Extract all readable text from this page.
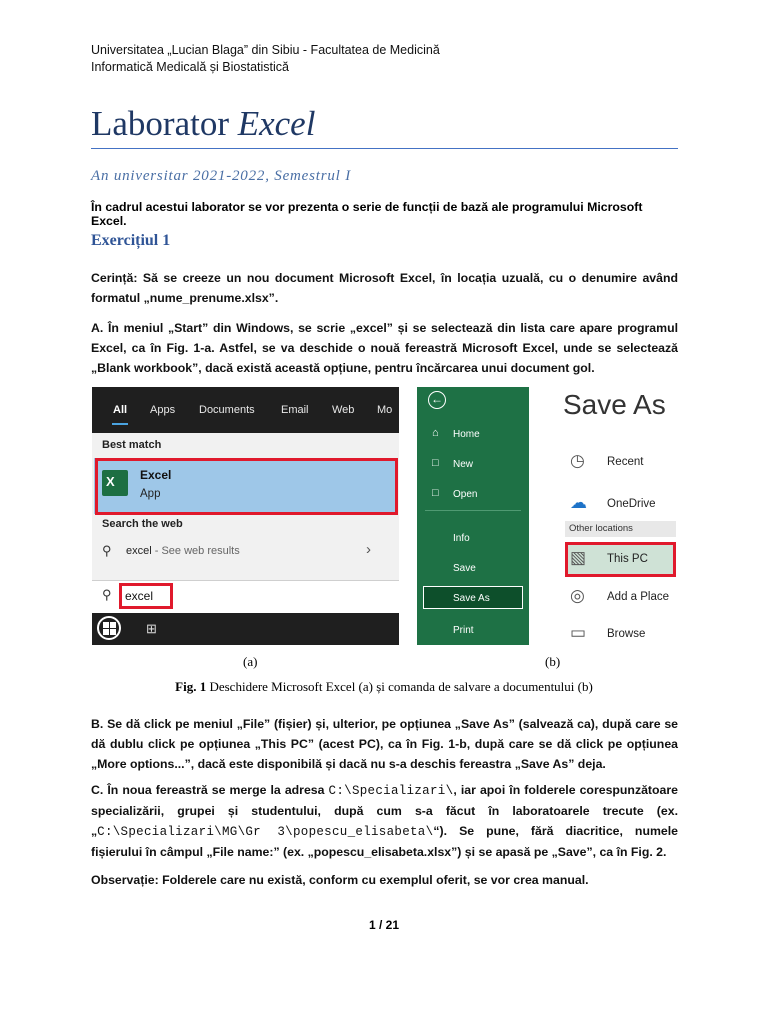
Universitatea „Lucian Blaga” din Sibiu - Facultatea de Medicină
Informatică Medicală și Biostatistică
Laborator Excel
An universitar 2021-2022, Semestrul I
În cadrul acestui laborator se vor prezenta o serie de funcții de bază ale programului Microsoft Excel.
Exercițiul 1
Cerință: Să se creeze un nou document Microsoft Excel, în locația uzuală, cu o denumire având formatul „nume_prenume.xlsx”.
A. În meniul „Start” din Windows, se scrie „excel” și se selectează din lista care apare programul Excel, ca în Fig. 1-a. Astfel, se va deschide o nouă fereastră Microsoft Excel, unde se selectează „Blank workbook”, dacă există această opțiune, pentru încărcarea unui document gol.
All Apps Documents Email Web Mo
Best match
X Excel
App
Search the web
⚲ excel - See web results	›
⚲ excel
⊞
←
⌂ Home
□ New
□ Open
Info
Save
Save As
Print
Save As
◷ Recent
☁ OneDrive
Other locations
▧ This PC
◎ Add a Place
▭ Browse
(a)	(b)
Fig. 1 Deschidere Microsoft Excel (a) și comanda de salvare a documentului (b)
B. Se dă click pe meniul „File” (fișier) și, ulterior, pe opțiunea „Save As” (salvează ca), după care se dă dublu click pe opțiunea „This PC” (acest PC), ca în Fig. 1-b, după care se dă click pe opțiunea „More options...”, dacă este disponibilă și dacă nu s-a deschis fereastra „Save As” deja.
C. În noua fereastră se merge la adresa C:\Specializari\, iar apoi în folderele corespunzătoare specializării, grupei și studentului, după cum s-a făcut în laboratoarele trecute (ex. „C:\Specializari\MG\Gr 3\popescu_elisabeta\“). Se pune, fără diacritice, numele fișierului în câmpul „File name:” (ex. „popescu_elisabeta.xlsx”) și se apasă pe „Save”, ca în Fig. 2.
Observație: Folderele care nu există, conform cu exemplul oferit, se vor crea manual.
1 / 21
